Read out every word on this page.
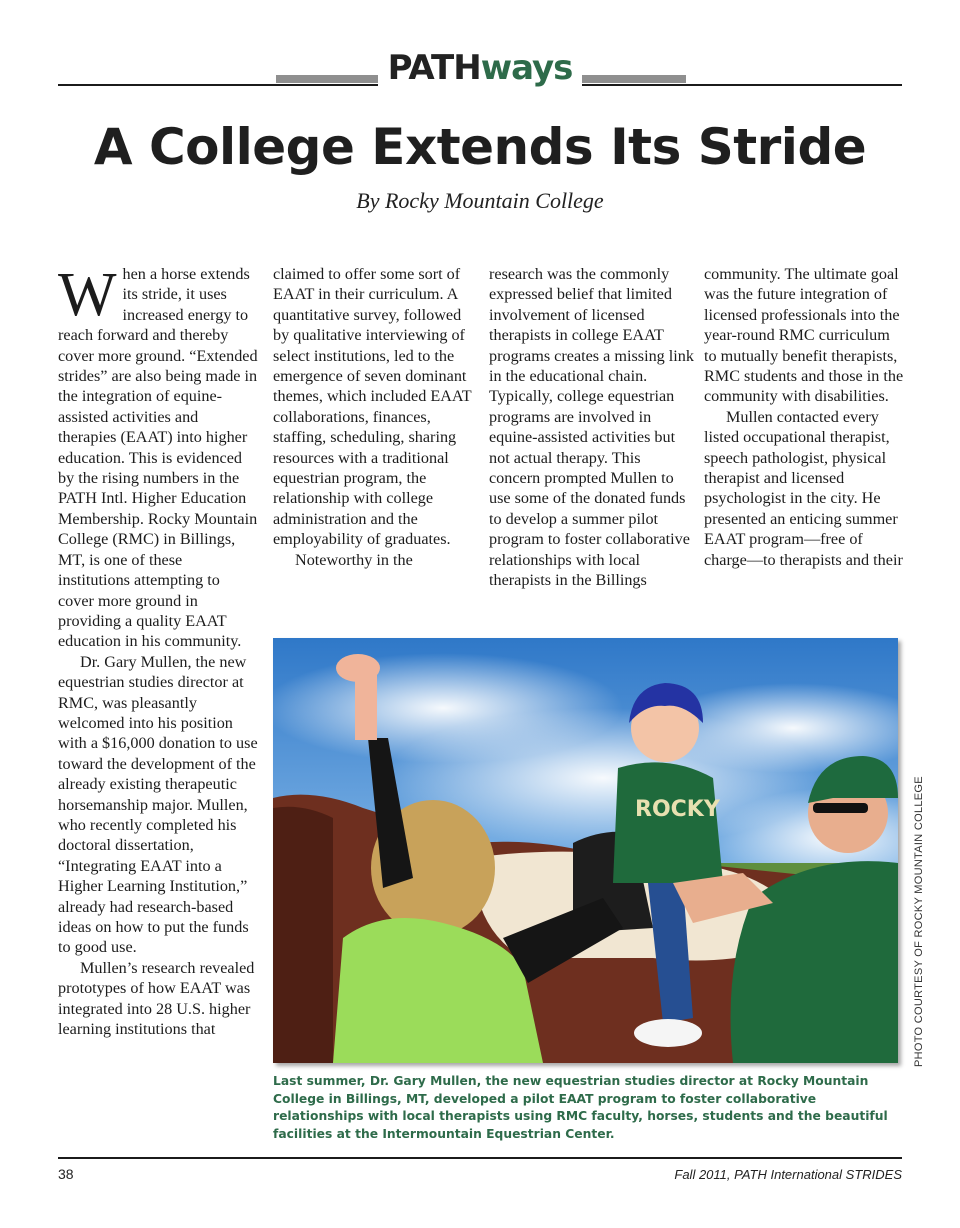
PATHways
A College Extends Its Stride
By Rocky Mountain College

When a horse extends its stride, it uses increased energy to reach forward and thereby cover more ground. “Extended strides” are also being made in the integration of equine-assisted activities and therapies (EAAT) into higher education. This is evidenced by the rising numbers in the PATH Intl. Higher Education Membership. Rocky Mountain College (RMC) in Billings, MT, is one of these institutions attempting to cover more ground in providing a quality EAAT education in his community.

Dr. Gary Mullen, the new equestrian studies director at RMC, was pleasantly welcomed into his position with a $16,000 donation to use toward the development of the already existing therapeutic horsemanship major. Mullen, who recently completed his doctoral dissertation, “Integrating EAAT into a Higher Learning Institution,” already had research-based ideas on how to put the funds to good use.

Mullen’s research revealed prototypes of how EAAT was integrated into 28 U.S. higher learning institutions that

claimed to offer some sort of EAAT in their curriculum. A quantitative survey, followed by qualitative interviewing of select institutions, led to the emergence of seven dominant themes, which included EAAT collaborations, finances, staffing, scheduling, sharing resources with a traditional equestrian program, the relationship with college administration and the employability of graduates.

Noteworthy in the

research was the commonly expressed belief that limited involvement of licensed therapists in college EAAT programs creates a missing link in the educational chain. Typically, college equestrian programs are involved in equine-assisted activities but not actual therapy. This concern prompted Mullen to use some of the donated funds to develop a summer pilot program to foster collaborative relationships with local therapists in the Billings

community. The ultimate goal was the future integration of licensed professionals into the year-round RMC curriculum to mutually benefit therapists, RMC students and those in the community with disabilities.

Mullen contacted every listed occupational therapist, speech pathologist, physical therapist and licensed psychologist in the city. He presented an enticing summer EAAT program—free of charge—to therapists and their

ROCKY	PHOTO COURTESY OF ROCKY MOUNTAIN COLLEGE

Last summer, Dr. Gary Mullen, the new equestrian studies director at Rocky Mountain College in Billings, MT, developed a pilot EAAT program to foster collaborative relationships with local therapists using RMC faculty, horses, students and the beautiful facilities at the Intermountain Equestrian Center.

38	Fall 2011, PATH International STRIDES
